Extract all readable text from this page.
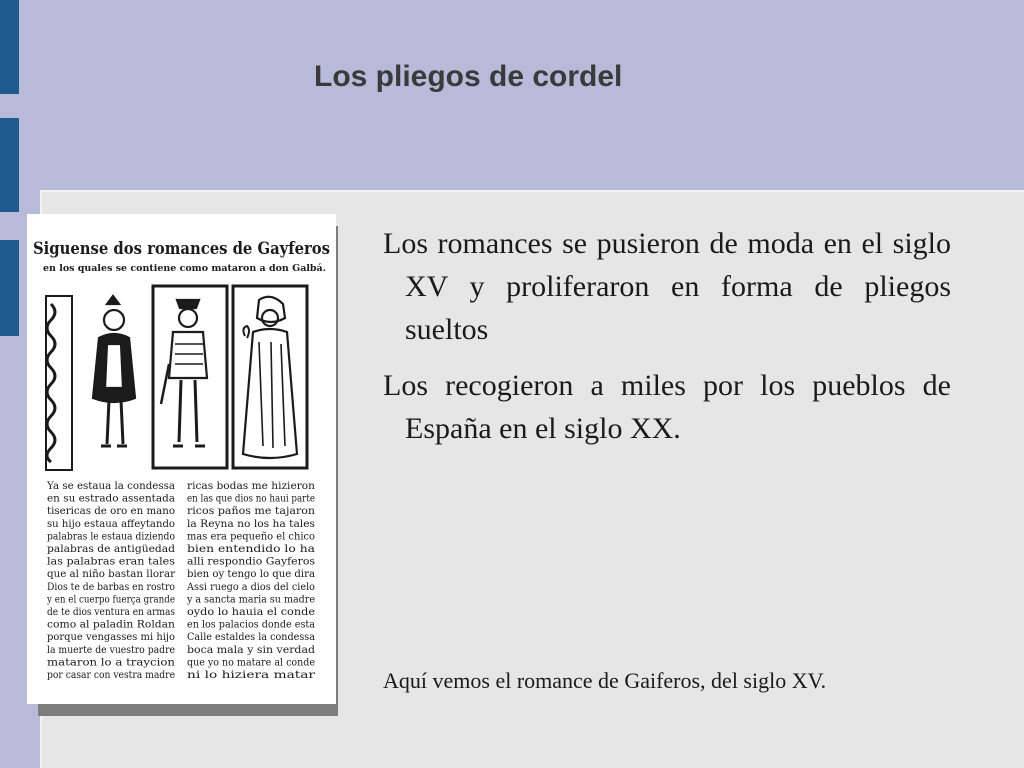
Los pliegos de cordel
Siguense dos romances de Gayferos
en los quales se contiene como mataron a don Galbá.
Ya se estaua la condessa
en su estrado assentada
tisericas de oro en mano
su hijo estaua affeytando
palabras le estaua diziendo
palabras de antigüedad
las palabras eran tales
que al niño bastan llorar
Dios te de barbas en rostro
y en el cuerpo fuerça grande
de te dios ventura en armas
como al paladin Roldan
porque vengasses mi hijo
la muerte de vuestro padre
mataron lo a traycion
por casar con vestra madre
ricas bodas me hizieron
en las que dios no haui parte
ricos paños me tajaron
la Reyna no los ha tales
mas era pequeño el chico
bien entendido lo ha
alli respondio Gayferos
bien oy tengo lo que dira
Assi ruego a dios del cielo
y a sancta maria su madre
oydo lo hauia el conde
en los palacios donde esta
Calle estaldes la condessa
boca mala y sin verdad
que yo no matare al conde
ni lo hiziera matar
Los romances se pusieron de moda en el siglo XV y proliferaron en forma de pliegos sueltos
Los recogieron a miles por los pueblos de España en el siglo XX.
Aquí vemos el romance de Gaiferos, del siglo XV.
